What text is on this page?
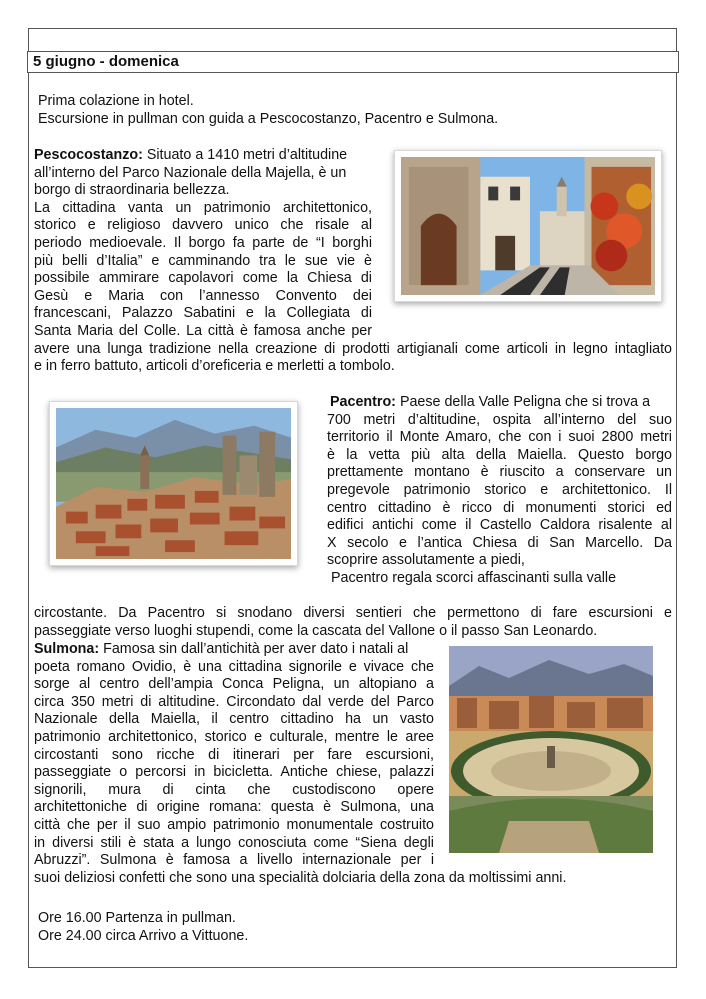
5 giugno - domenica
Prima colazione in hotel.
Escursione in pullman con guida a Pescocostanzo, Pacentro e Sulmona.
Pescocostanzo: Situato a 1410 metri d’altitudine
all’interno del Parco Nazionale della Majella, è un
borgo di straordinaria bellezza.
La cittadina vanta un patrimonio architettonico,
storico e religioso davvero unico che risale al
periodo medioevale. Il borgo fa parte de “I borghi
più belli d’Italia” e camminando tra le sue vie è
possibile ammirare capolavori come la Chiesa di
Gesù e Maria con l’annesso Convento dei
francescani, Palazzo Sabatini e la Collegiata di
Santa Maria del Colle. La città è famosa anche per
avere una lunga tradizione nella creazione di prodotti artigianali come articoli in legno intagliato
e in ferro battuto, articoli d’oreficeria e merletti a tombolo.
Pacentro: Paese della Valle Peligna che si trova a
700 metri d’altitudine, ospita all’interno del suo
territorio il Monte Amaro, che con i suoi 2800 metri
è la vetta più alta della Maiella. Questo borgo
prettamente montano è riuscito a conservare un
pregevole patrimonio storico e architettonico. Il
centro cittadino è ricco di monumenti storici ed
edifici antichi come il Castello Caldora risalente al
X secolo e l’antica Chiesa di San Marcello. Da
scoprire assolutamente a piedi,
Pacentro regala scorci affascinanti sulla valle
circostante. Da Pacentro si snodano diversi sentieri che permettono di fare escursioni e
passeggiate verso luoghi stupendi, come la cascata del Vallone o il passo San Leonardo.
Sulmona: Famosa sin dall’antichità per aver dato i natali al
poeta romano Ovidio, è una cittadina signorile e vivace che
sorge al centro dell’ampia Conca Peligna, un altopiano a
circa 350 metri di altitudine. Circondato dal verde del Parco
Nazionale della Maiella, il centro cittadino ha un vasto
patrimonio architettonico, storico e culturale, mentre le aree
circostanti sono ricche di itinerari per fare escursioni,
passeggiate o percorsi in bicicletta. Antiche chiese, palazzi
signorili, mura di cinta che custodiscono opere
architettoniche di origine romana: questa è Sulmona, una
città che per il suo ampio patrimonio monumentale costruito
in diversi stili è stata a lungo conosciuta come “Siena degli
Abruzzi”. Sulmona è famosa a livello internazionale per i
suoi deliziosi confetti che sono una specialità dolciaria della zona da moltissimi anni.
Ore 16.00 Partenza in pullman.
Ore 24.00 circa Arrivo a Vittuone.
